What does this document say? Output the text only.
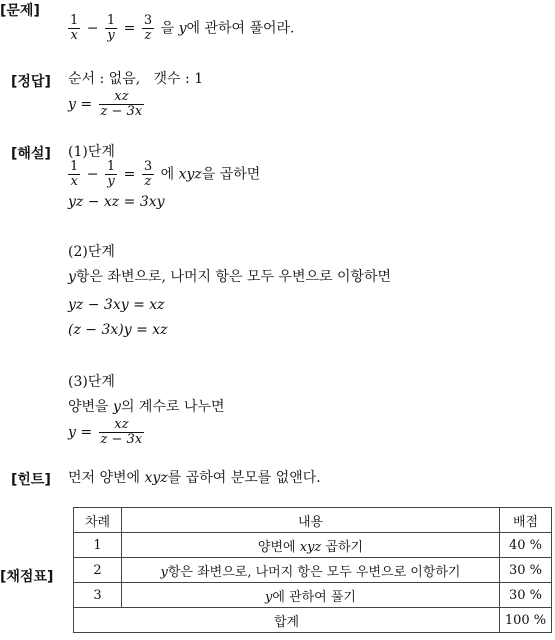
[문제]
[정답]
[해설]
[힌트]
[채점표]
$\frac{1}{x} - \frac{1}{y} = \frac{3}{z}$ 을 y에 관하여 풀어라.
순서 : 없음, 갯수 : 1
$y = \frac{xz}{z - 3x}$
(1)단계
$\frac{1}{x} - \frac{1}{y} = \frac{3}{z}$ 에 xyz을 곱하면
yz − xz = 3xy
(2)단계
y항은 좌변으로, 나머지 항은 모두 우변으로 이항하면
yz − 3xy = xz
(z − 3x)y = xz
(3)단계
양변을 y의 계수로 나누면
$y = \frac{xz}{z - 3x}$
먼저 양변에 xyz를 곱하여 분모를 없앤다.
차례	내용	배점
1	양변에 xyz 곱하기	40 %
2	y항은 좌변으로, 나머지 항은 모두 우변으로 이항하기	30 %
3	y에 관하여 풀기	30 %
합계		100 %
